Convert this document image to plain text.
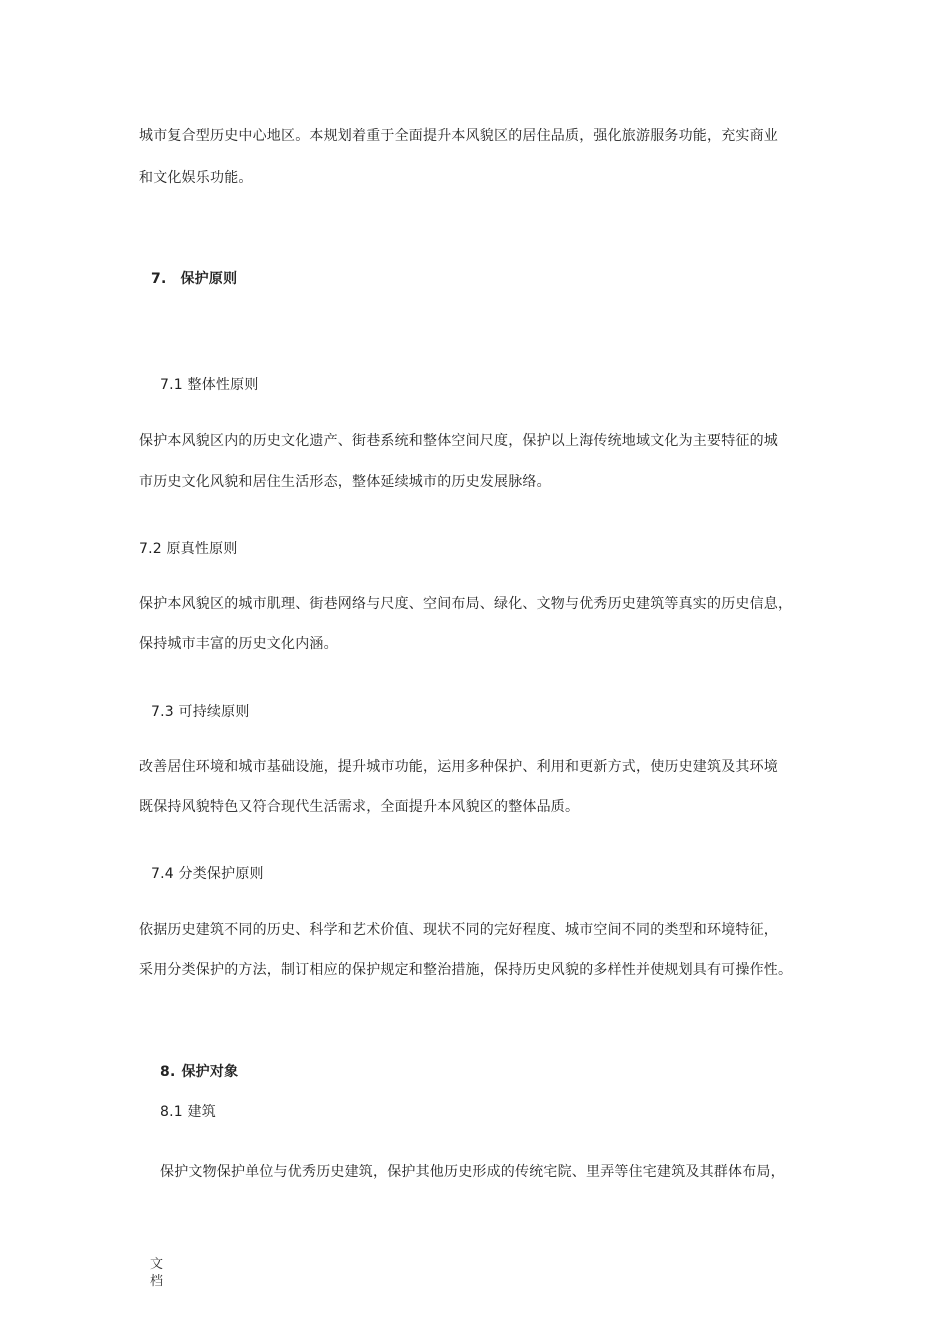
城市复合型历史中心地区。本规划着重于全面提升本风貌区的居住品质，强化旅游服务功能，充实商业
和文化娱乐功能。
7. 保护原则
7.1 整体性原则
保护本风貌区内的历史文化遗产、街巷系统和整体空间尺度，保护以上海传统地域文化为主要特征的城
市历史文化风貌和居住生活形态，整体延续城市的历史发展脉络。
7.2 原真性原则
保护本风貌区的城市肌理、街巷网络与尺度、空间布局、绿化、文物与优秀历史建筑等真实的历史信息，
保持城市丰富的历史文化内涵。
7.3 可持续原则
改善居住环境和城市基础设施，提升城市功能，运用多种保护、利用和更新方式，使历史建筑及其环境
既保持风貌特色又符合现代生活需求，全面提升本风貌区的整体品质。
7.4 分类保护原则
依据历史建筑不同的历史、科学和艺术价值、现状不同的完好程度、城市空间不同的类型和环境特征，
采用分类保护的方法，制订相应的保护规定和整治措施，保持历史风貌的多样性并使规划具有可操作性。
8. 保护对象
8.1 建筑
保护文物保护单位与优秀历史建筑，保护其他历史形成的传统宅院、里弄等住宅建筑及其群体布局，
文档
